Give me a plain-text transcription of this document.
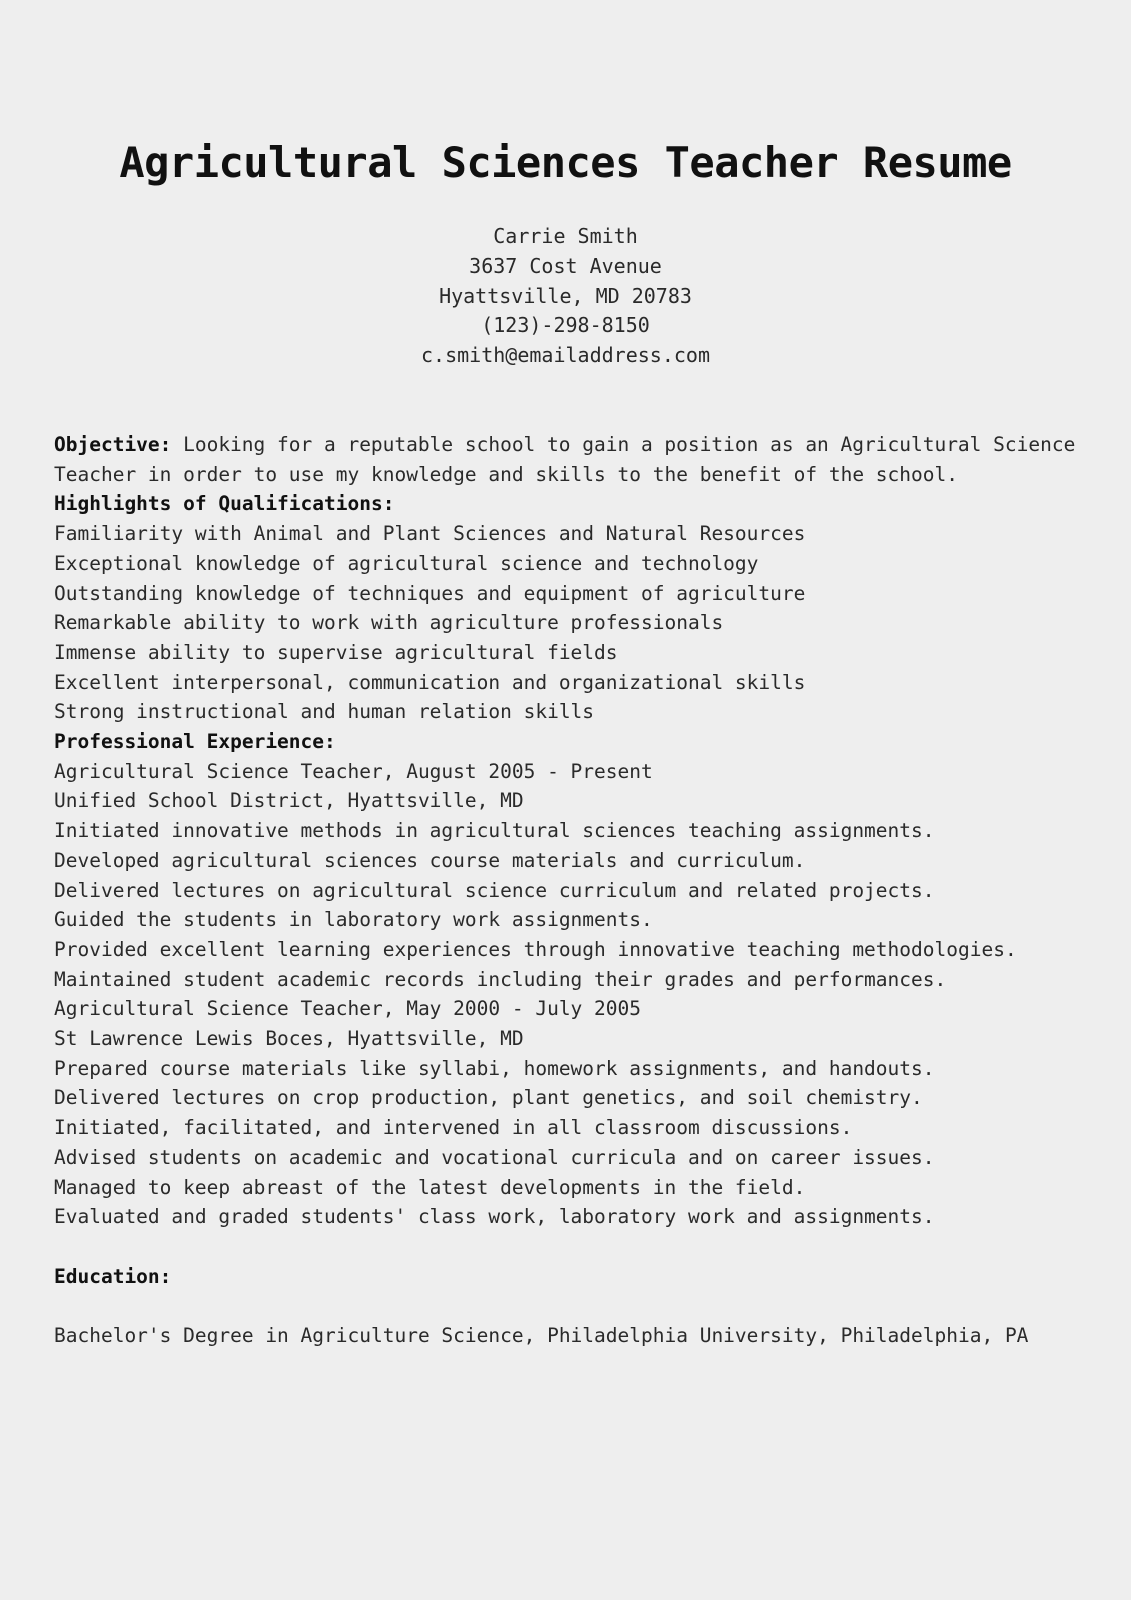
Agricultural Sciences Teacher Resume
Carrie Smith
3637 Cost Avenue
Hyattsville, MD 20783
(123)-298-8150
c.smith@emailaddress.com
Objective: Looking for a reputable school to gain a position as an Agricultural Science Teacher in order to use my knowledge and skills to the benefit of the school.
Highlights of Qualifications:
Familiarity with Animal and Plant Sciences and Natural Resources
Exceptional knowledge of agricultural science and technology
Outstanding knowledge of techniques and equipment of agriculture
Remarkable ability to work with agriculture professionals
Immense ability to supervise agricultural fields
Excellent interpersonal, communication and organizational skills
Strong instructional and human relation skills
Professional Experience:
Agricultural Science Teacher, August 2005 - Present
Unified School District, Hyattsville, MD
Initiated innovative methods in agricultural sciences teaching assignments.
Developed agricultural sciences course materials and curriculum.
Delivered lectures on agricultural science curriculum and related projects.
Guided the students in laboratory work assignments.
Provided excellent learning experiences through innovative teaching methodologies.
Maintained student academic records including their grades and performances.
Agricultural Science Teacher, May 2000 - July 2005
St Lawrence Lewis Boces, Hyattsville, MD
Prepared course materials like syllabi, homework assignments, and handouts.
Delivered lectures on crop production, plant genetics, and soil chemistry.
Initiated, facilitated, and intervened in all classroom discussions.
Advised students on academic and vocational curricula and on career issues.
Managed to keep abreast of the latest developments in the field.
Evaluated and graded students' class work, laboratory work and assignments.
Education:
Bachelor's Degree in Agriculture Science, Philadelphia University, Philadelphia, PA
